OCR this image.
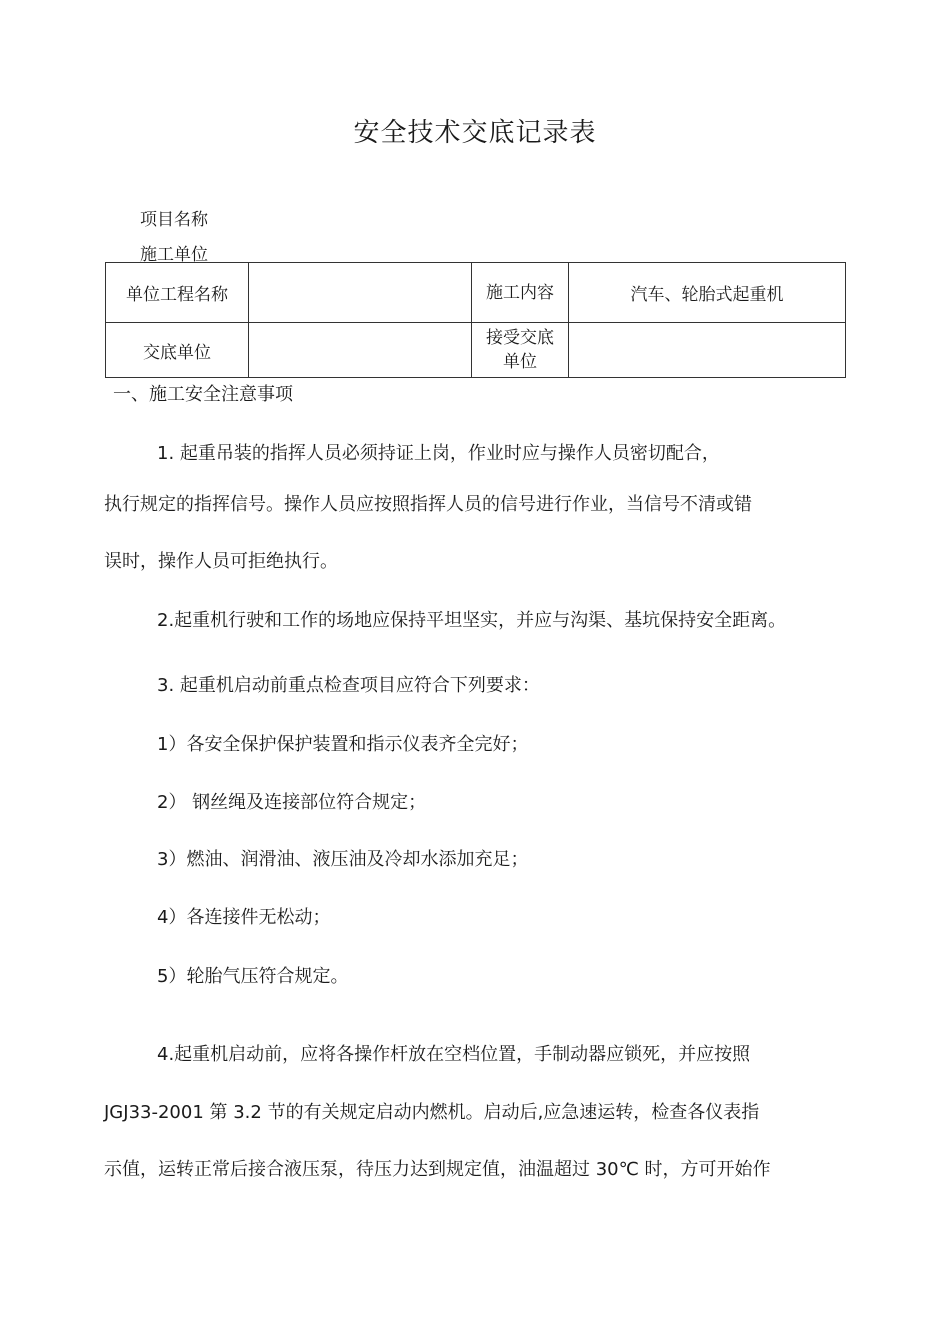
安全技术交底记录表
项目名称
施工单位
单位工程名称		施工内容	汽车、轮胎式起重机
交底单位		接受交底
单位	
一、施工安全注意事项
1. 起重吊装的指挥人员必须持证上岗，作业时应与操作人员密切配合，
执行规定的指挥信号。操作人员应按照指挥人员的信号进行作业，当信号不清或错
误时，操作人员可拒绝执行。
2.起重机行驶和工作的场地应保持平坦坚实，并应与沟渠、基坑保持安全距离。
3. 起重机启动前重点检查项目应符合下列要求：
1）各安全保护保护装置和指示仪表齐全完好；
2） 钢丝绳及连接部位符合规定；
3）燃油、润滑油、液压油及冷却水添加充足；
4）各连接件无松动；
5）轮胎气压符合规定。
4.起重机启动前，应将各操作杆放在空档位置，手制动器应锁死，并应按照
JGJ33-2001 第 3.2 节的有关规定启动内燃机。启动后,应急速运转，检查各仪表指
示值，运转正常后接合液压泵，待压力达到规定值，油温超过 30℃ 时，方可开始作
